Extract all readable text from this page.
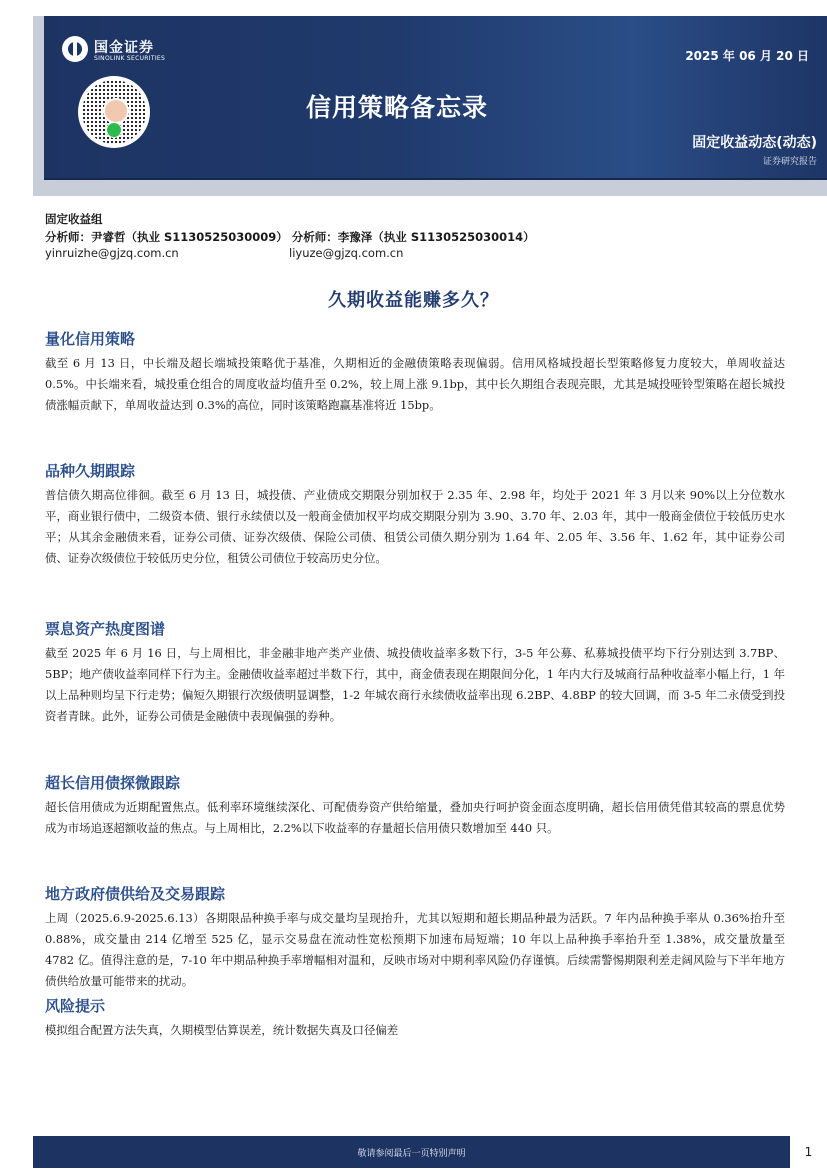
国金证券
SINOLINK SECURITIES
信用策略备忘录
2025 年 06 月 20 日
固定收益动态(动态)
证券研究报告
固定收益组
分析师：尹睿哲（执业 S1130525030009） 分析师：李豫泽（执业 S1130525030014）
yinruizhe@gjzq.com.cn	liyuze@gjzq.com.cn
久期收益能赚多久？
量化信用策略

截至 6 月 13 日，中长端及超长端城投策略优于基准，久期相近的金融债策略表现偏弱。信用风格城投超长型策略修复力度较大，单周收益达 0.5%。中长端来看，城投重仓组合的周度收益均值升至 0.2%，较上周上涨 9.1bp，其中长久期组合表现亮眼，尤其是城投哑铃型策略在超长城投债涨幅贡献下，单周收益达到 0.3%的高位，同时该策略跑赢基准将近 15bp。

品种久期跟踪

普信债久期高位徘徊。截至 6 月 13 日，城投债、产业债成交期限分别加权于 2.35 年、2.98 年，均处于 2021 年 3 月以来 90%以上分位数水平，商业银行债中，二级资本债、银行永续债以及一般商金债加权平均成交期限分别为 3.90、3.70 年、2.03 年，其中一般商金债位于较低历史水平；从其余金融债来看，证券公司债、证券次级债、保险公司债、租赁公司债久期分别为 1.64 年、2.05 年、3.56 年、1.62 年，其中证券公司债、证券次级债位于较低历史分位，租赁公司债位于较高历史分位。

票息资产热度图谱

截至 2025 年 6 月 16 日，与上周相比，非金融非地产类产业债、城投债收益率多数下行，3-5 年公募、私募城投债平均下行分别达到 3.7BP、5BP；地产债收益率同样下行为主。金融债收益率超过半数下行，其中，商金债表现在期限间分化，1 年内大行及城商行品种收益率小幅上行，1 年以上品种则均呈下行走势；偏短久期银行次级债明显调整，1-2 年城农商行永续债收益率出现 6.2BP、4.8BP 的较大回调，而 3-5 年二永债受到投资者青睐。此外，证券公司债是金融债中表现偏强的券种。

超长信用债探微跟踪

超长信用债成为近期配置焦点。低利率环境继续深化、可配债券资产供给缩量，叠加央行呵护资金面态度明确，超长信用债凭借其较高的票息优势成为市场追逐超额收益的焦点。与上周相比，2.2%以下收益率的存量超长信用债只数增加至 440 只。

地方政府债供给及交易跟踪

上周（2025.6.9-2025.6.13）各期限品种换手率与成交量均呈现抬升，尤其以短期和超长期品种最为活跃。7 年内品种换手率从 0.36%抬升至 0.88%，成交量由 214 亿增至 525 亿，显示交易盘在流动性宽松预期下加速布局短端；10 年以上品种换手率抬升至 1.38%，成交量放量至 4782 亿。值得注意的是，7-10 年中期品种换手率增幅相对温和，反映市场对中期利率风险仍存谨慎。后续需警惕期限利差走阔风险与下半年地方债供给放量可能带来的扰动。

风险提示

模拟组合配置方法失真，久期模型估算误差，统计数据失真及口径偏差

敬请参阅最后一页特别声明	1
